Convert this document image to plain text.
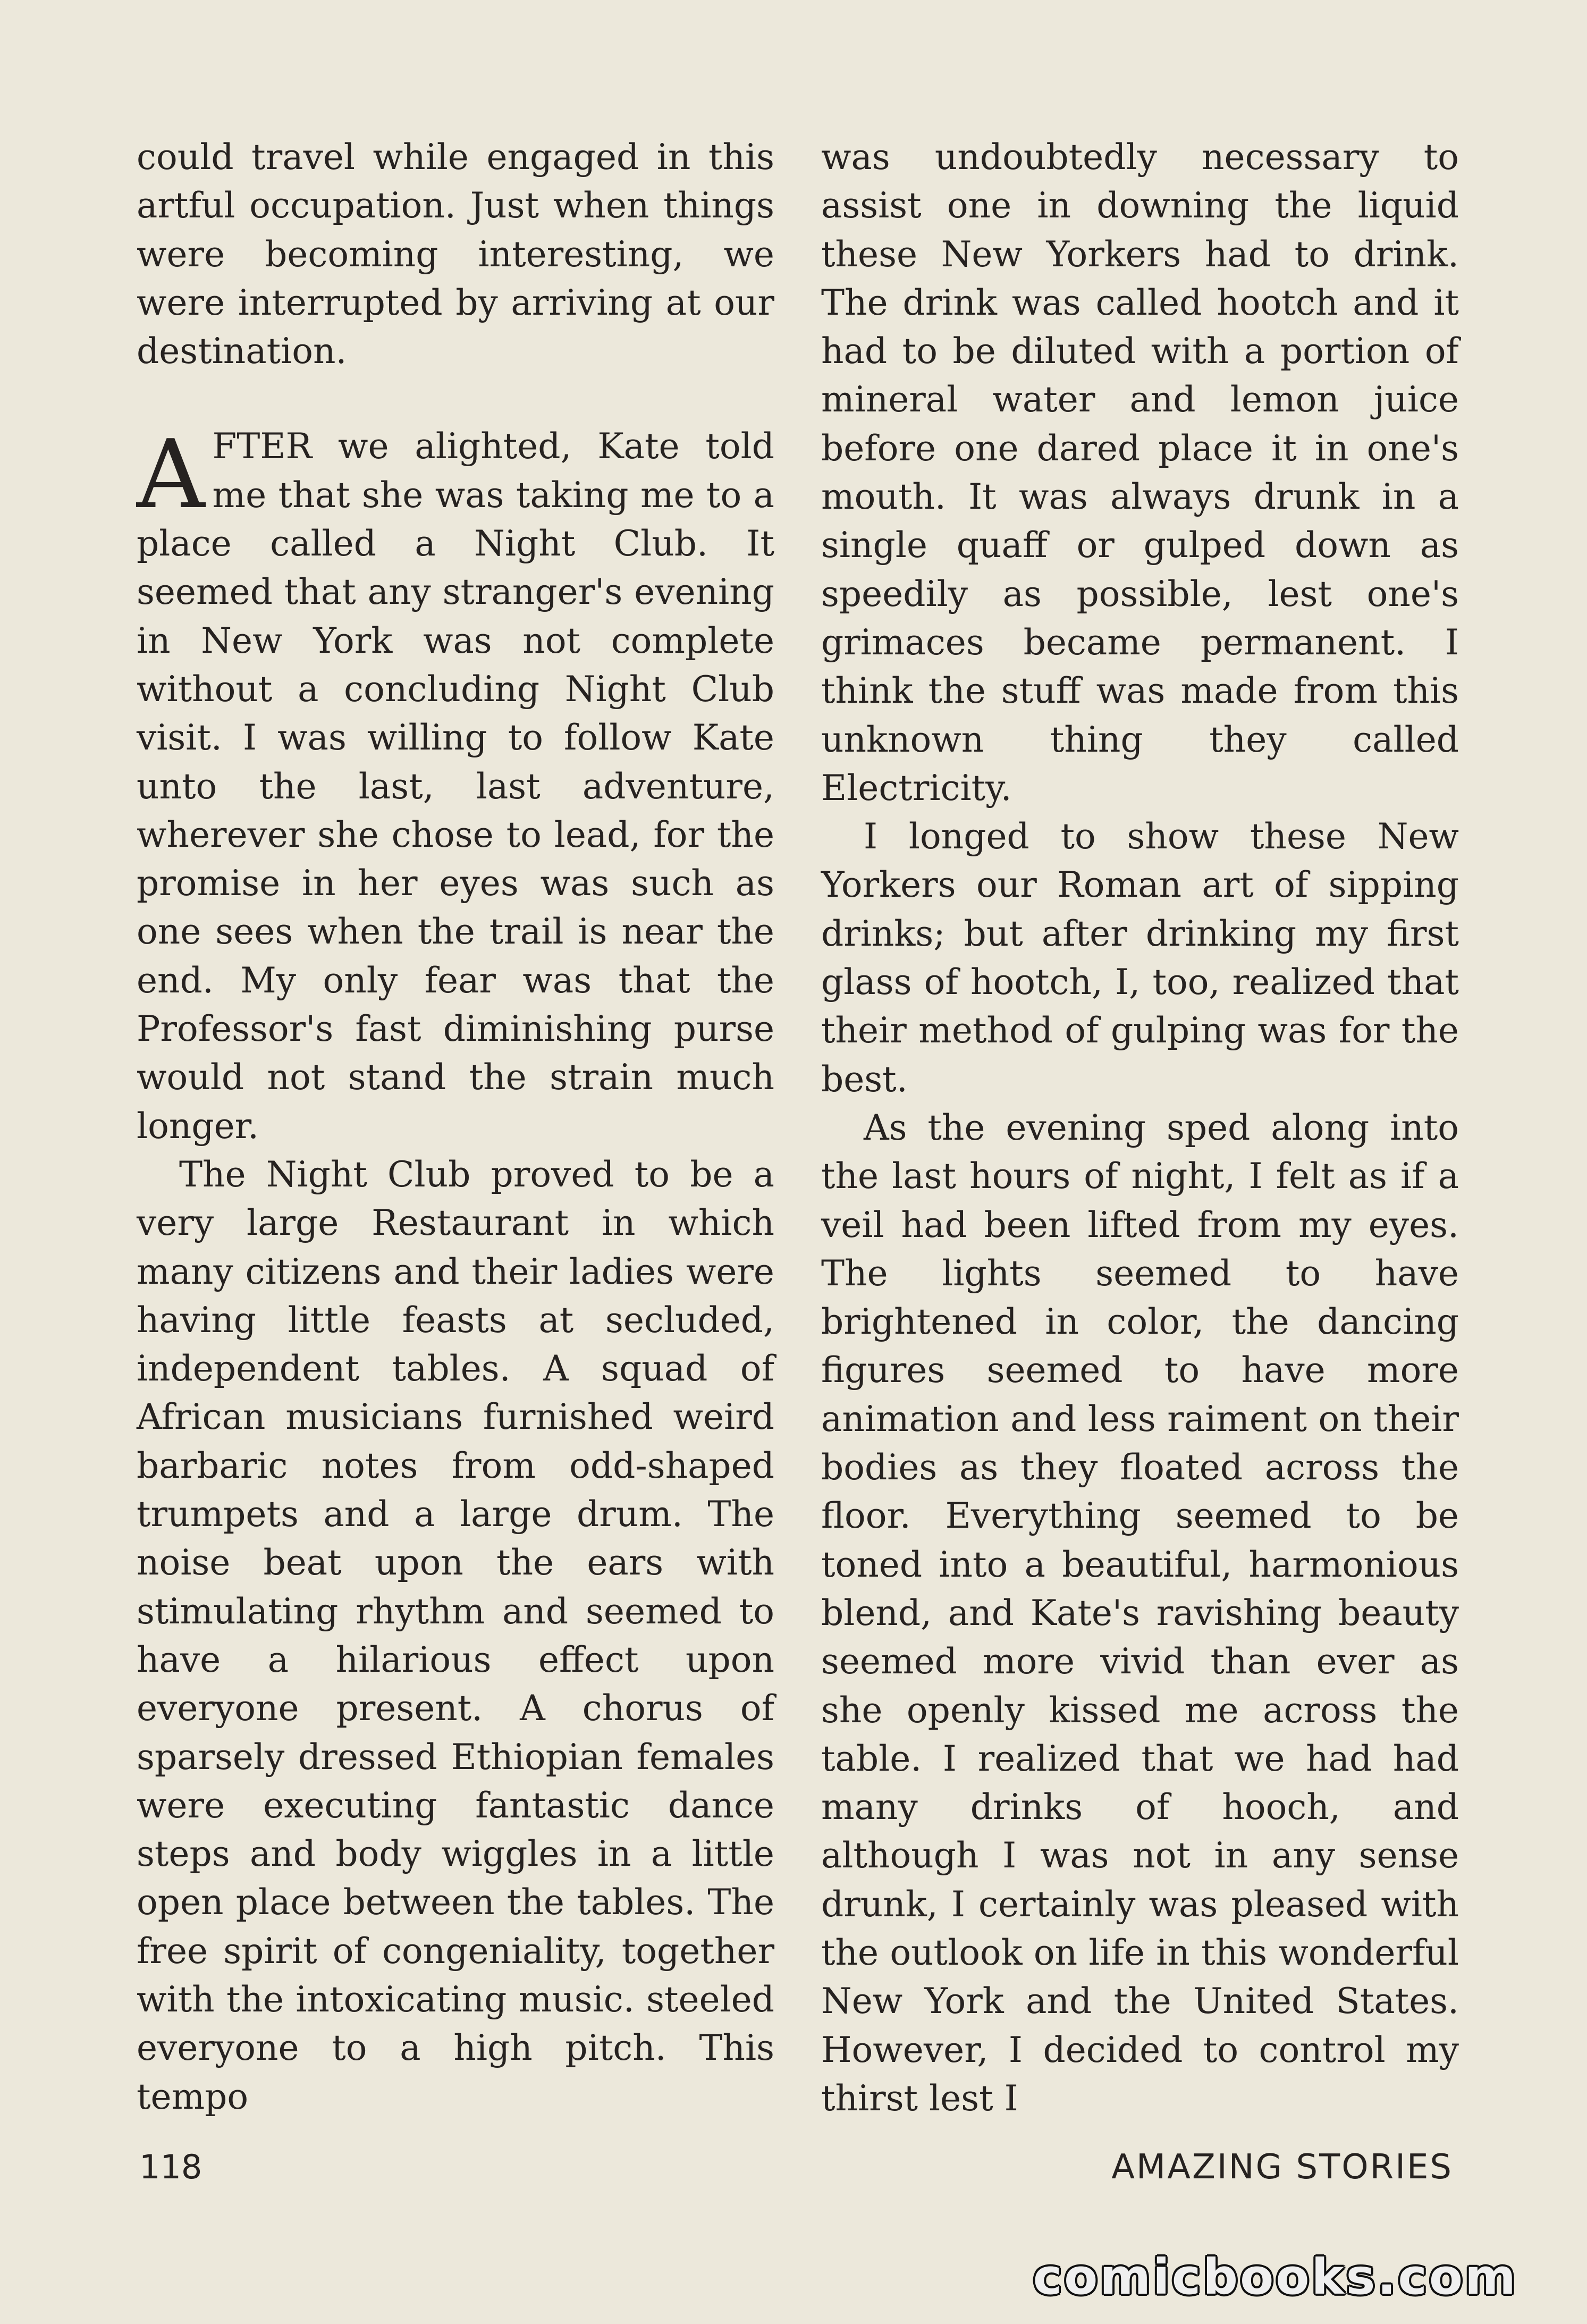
could travel while engaged in this artful occupation. Just when things were becoming interesting, we were interrupted by arriving at our destination.

AFTER we alighted, Kate told me that she was taking me to a place called a Night Club. It seemed that any stranger's evening in New York was not complete without a concluding Night Club visit. I was willing to follow Kate unto the last, last adventure, wherever she chose to lead, for the promise in her eyes was such as one sees when the trail is near the end. My only fear was that the Professor's fast diminishing purse would not stand the strain much longer.

The Night Club proved to be a very large Restaurant in which many citizens and their ladies were having little feasts at secluded, independent tables. A squad of African musicians furnished weird barbaric notes from odd-shaped trumpets and a large drum. The noise beat upon the ears with stimulating rhythm and seemed to have a hilarious effect upon everyone present. A chorus of sparsely dressed Ethiopian females were executing fantastic dance steps and body wiggles in a little open place between the tables. The free spirit of congeniality, together with the intoxicating music. steeled everyone to a high pitch. This tempo

was undoubtedly necessary to assist one in downing the liquid these New Yorkers had to drink. The drink was called hootch and it had to be diluted with a portion of mineral water and lemon juice before one dared place it in one's mouth. It was always drunk in a single quaff or gulped down as speedily as possible, lest one's grimaces became permanent. I think the stuff was made from this unknown thing they called Electricity.

I longed to show these New Yorkers our Roman art of sipping drinks; but after drinking my first glass of hootch, I, too, realized that their method of gulping was for the best.

As the evening sped along into the last hours of night, I felt as if a veil had been lifted from my eyes. The lights seemed to have brightened in color, the dancing figures seemed to have more animation and less raiment on their bodies as they floated across the floor. Everything seemed to be toned into a beautiful, harmonious blend, and Kate's ravishing beauty seemed more vivid than ever as she openly kissed me across the table. I realized that we had had many drinks of hooch, and although I was not in any sense drunk, I certainly was pleased with the outlook on life in this wonderful New York and the United States. However, I decided to control my thirst lest I

118	AMAZING STORIES
comicbooks.com
